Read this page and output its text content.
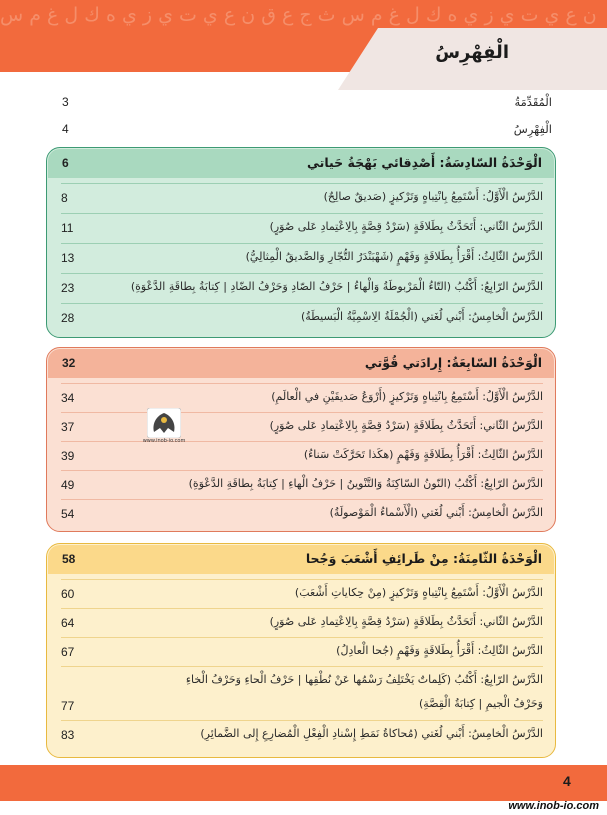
ن ع ي ت ي ز ي ه ك ل غ م س ث ج ع ق ن ع ي ت ي ز ي ه ك ل غ م س
الْفِهْرِسُ
الْمُقَدِّمَةُ
3
الْفِهْرِسُ
4
الْوَحْدَةُ السّادِسَةُ: أَصْدِقائي بَهْجَةُ حَياتي
6
الدَّرْسُ الْأَوَّلُ: أَسْتَمِعُ بِانْتِباهٍ وَتَرْكيزٍ (صَديقٌ صالِحٌ)
8
الدَّرْسُ الثّاني: أَتَحَدَّثُ بِطَلاقَةٍ (سَرْدُ قِصَّةٍ بِالِاعْتِمادِ عَلى صُوَرٍ)
11
الدَّرْسُ الثّالِثُ: أَقْرَأُ بِطَلاقَةٍ وَفَهْمٍ (شَهْبَنْدَرُ التُّجّارِ وَالصَّديقُ الْمِثالِيُّ)
13
الدَّرْسُ الرّابِعُ: أَكْتُبُ (التّاءُ الْمَرْبوطَةُ وَالْهاءُ | حَرْفُ الصّادِ وَحَرْفُ الضّادِ | كِتابَةُ بِطاقَةِ الدَّعْوَةِ)
23
الدَّرْسُ الْخامِسُ: أَبْني لُغَتي (الْجُمْلَةُ الِاسْمِيَّةُ الْبَسيطَةُ)
28
الْوَحْدَةُ السّابِعَةُ: إِرادَتي قُوَّتي
32
الدَّرْسُ الْأَوَّلُ: أَسْتَمِعُ بِانْتِباهٍ وَتَرْكيزٍ (أَرْوَعُ صَديقَيْنِ في الْعالَمِ)
34
الدَّرْسُ الثّاني: أَتَحَدَّثُ بِطَلاقَةٍ (سَرْدُ قِصَّةٍ بِالِاعْتِمادِ عَلى صُوَرٍ)
37
الدَّرْسُ الثّالِثُ: أَقْرَأُ بِطَلاقَةٍ وَفَهْمٍ (هكَذا تَحَرَّكَتْ سَناءُ)
39
الدَّرْسُ الرّابِعُ: أَكْتُبُ (النّونُ السّاكِنَةُ وَالتَّنْوينُ | حَرْفُ الْهاءِ | كِتابَةُ بِطاقَةِ الدَّعْوَةِ)
49
الدَّرْسُ الْخامِسُ: أَبْني لُغَتي (الْأَسْماءُ الْمَوْصولَةُ)
54
www.inob-io.com
الْوَحْدَةُ الثّامِنَةُ: مِنْ طَرائِفِ أَشْعَبَ وَجُحا
58
الدَّرْسُ الْأَوَّلُ: أَسْتَمِعُ بِانْتِباهٍ وَتَرْكيزٍ (مِنْ حِكاياتِ أَشْعَبَ)
60
الدَّرْسُ الثّاني: أَتَحَدَّثُ بِطَلاقَةٍ (سَرْدُ قِصَّةٍ بِالِاعْتِمادِ عَلى صُوَرٍ)
64
الدَّرْسُ الثّالِثُ: أَقْرَأُ بِطَلاقَةٍ وَفَهْمٍ (جُحا الْعادِلُ)
67
الدَّرْسُ الرّابِعُ: أَكْتُبُ (كَلِماتٌ يَخْتَلِفُ رَسْمُها عَنْ نُطْقِها | حَرْفُ الْحاءِ وَحَرْفُ الْخاءِ
وَحَرْفُ الْجيمِ | كِتابَةُ الْقِصَّةِ)
77
الدَّرْسُ الْخامِسُ: أَبْني لُغَتي (مُحاكاةُ نَمَطِ إِسْنادِ الْفِعْلِ الْمُضارِعِ إِلى الضَّمائِرِ)
83
4
www.inob-io.com
